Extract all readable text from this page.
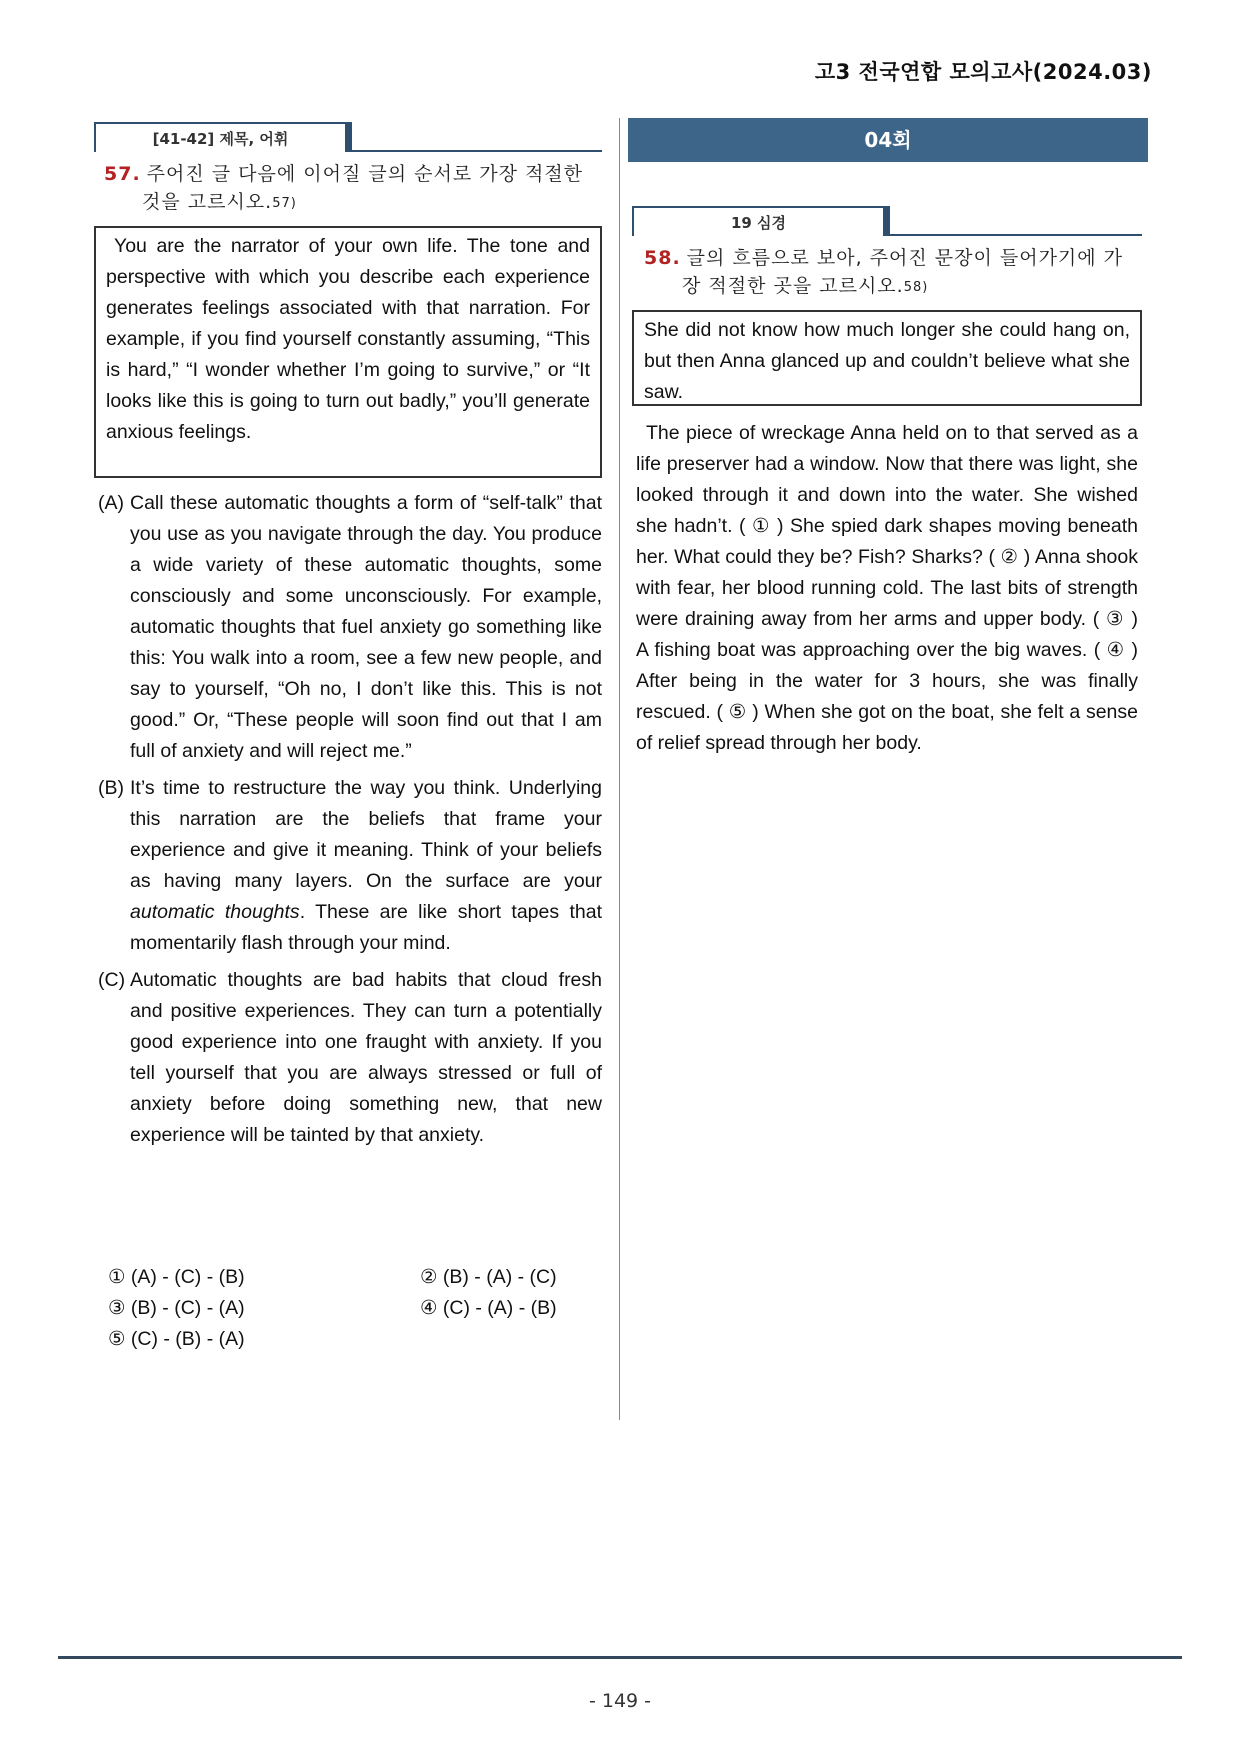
고3 전국연합 모의고사(2024.03)
[41-42] 제목, 어휘
57. 주어진 글 다음에 이어질 글의 순서로 가장 적절한 것을 고르시오.57)
You are the narrator of your own life. The tone and perspective with which you describe each experience generates feelings associated with that narration. For example, if you find yourself constantly assuming, “This is hard,” “I wonder whether I’m going to survive,” or “It looks like this is going to turn out badly,” you’ll generate anxious feelings.
(A) Call these automatic thoughts a form of “self-talk” that you use as you navigate through the day. You produce a wide variety of these automatic thoughts, some consciously and some unconsciously. For example, automatic thoughts that fuel anxiety go something like this: You walk into a room, see a few new people, and say to yourself, “Oh no, I don’t like this. This is not good.” Or, “These people will soon find out that I am full of anxiety and will reject me.”
(B) It’s time to restructure the way you think. Underlying this narration are the beliefs that frame your experience and give it meaning. Think of your beliefs as having many layers. On the surface are your automatic thoughts. These are like short tapes that momentarily flash through your mind.
(C) Automatic thoughts are bad habits that cloud fresh and positive experiences. They can turn a potentially good experience into one fraught with anxiety. If you tell yourself that you are always stressed or full of anxiety before doing something new, that new experience will be tainted by that anxiety.
① (A) - (C) - (B)	② (B) - (A) - (C)
③ (B) - (C) - (A)	④ (C) - (A) - (B)
⑤ (C) - (B) - (A)
04회
19 심경
58. 글의 흐름으로 보아, 주어진 문장이 들어가기에 가장 적절한 곳을 고르시오.58)
She did not know how much longer she could hang on, but then Anna glanced up and couldn’t believe what she saw.
The piece of wreckage Anna held on to that served as a life preserver had a window. Now that there was light, she looked through it and down into the water. She wished she hadn’t. ( ① ) She spied dark shapes moving beneath her. What could they be? Fish? Sharks? ( ② ) Anna shook with fear, her blood running cold. The last bits of strength were draining away from her arms and upper body. ( ③ ) A fishing boat was approaching over the big waves. ( ④ ) After being in the water for 3 hours, she was finally rescued. ( ⑤ ) When she got on the boat, she felt a sense of relief spread through her body.
- 149 -
